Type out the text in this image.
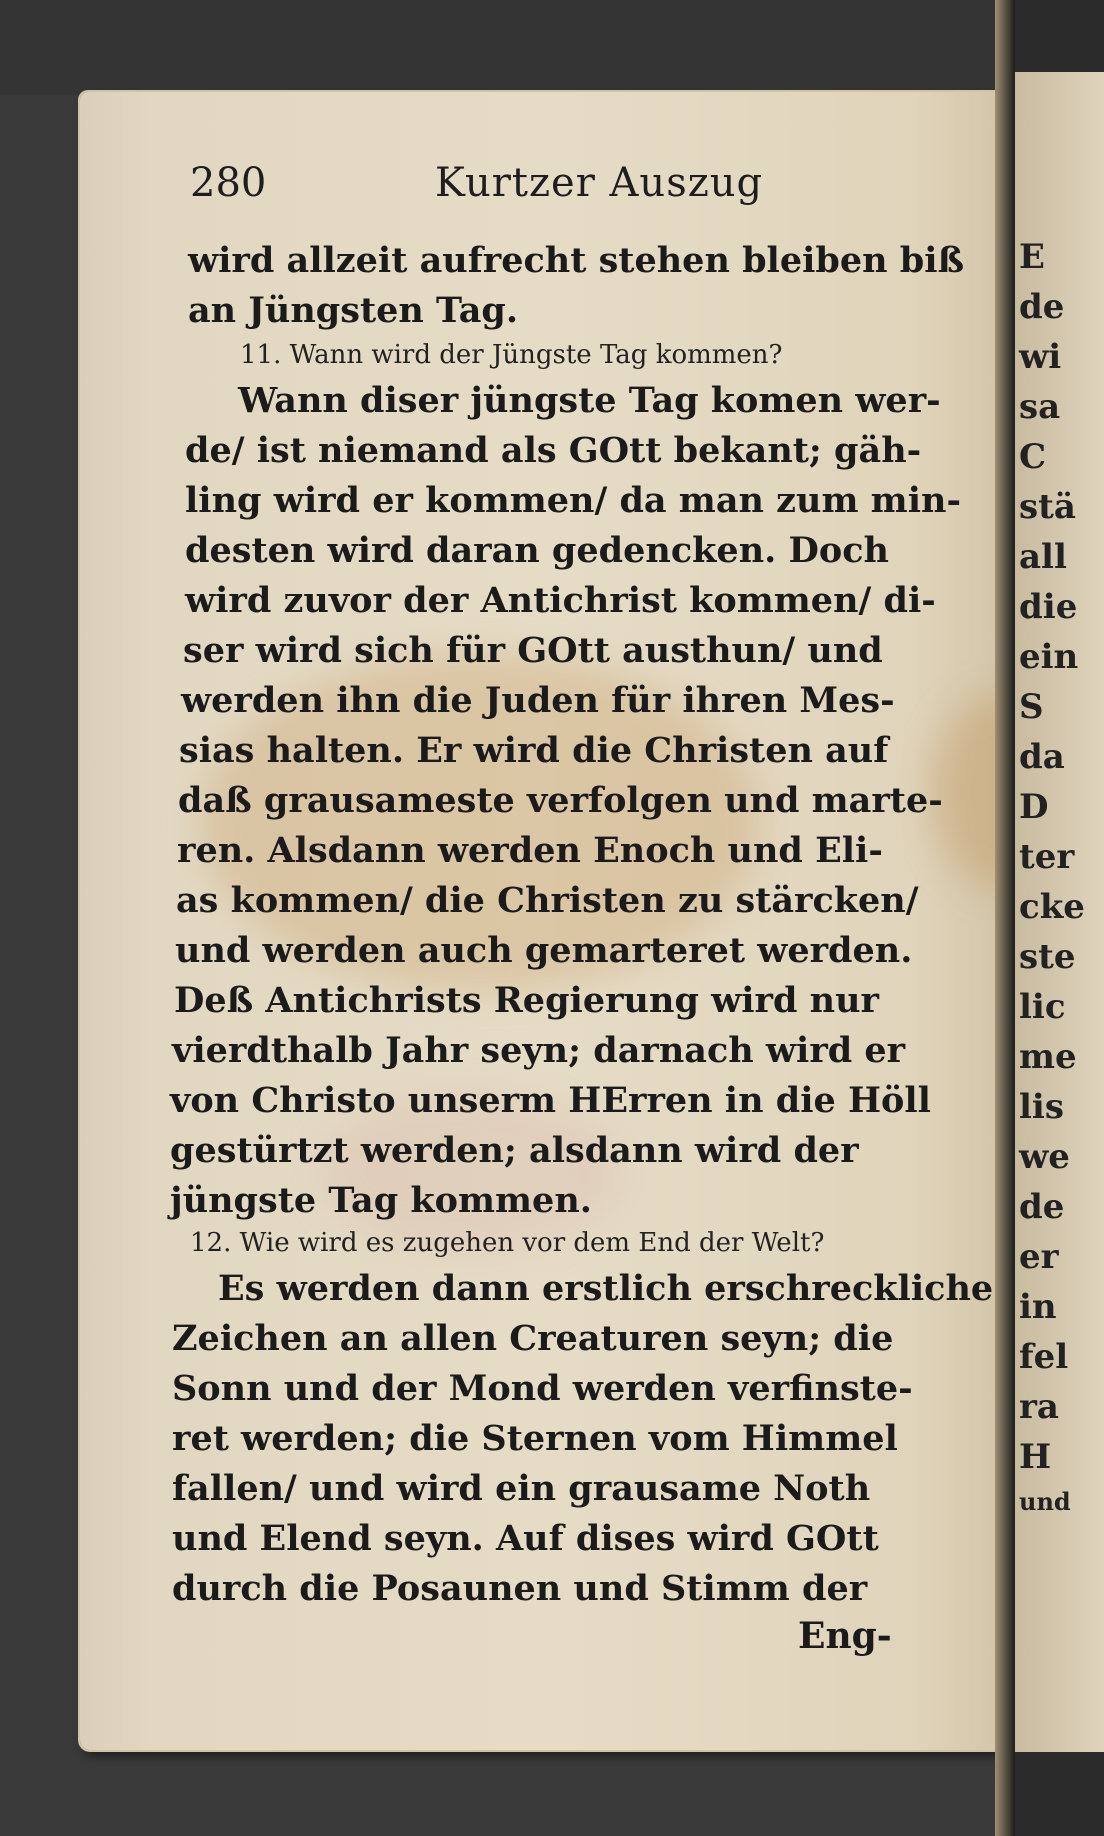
280	Kurtzer Auszug
wird allzeit aufrecht stehen bleiben biß
an Jüngsten Tag.
11. Wann wird der Jüngste Tag kommen?
Wann diser jüngste Tag komen wer-
de/ ist niemand als GOtt bekant; gäh-
ling wird er kommen/ da man zum min-
desten wird daran gedencken. Doch
wird zuvor der Antichrist kommen/ di-
ser wird sich für GOtt austhun/ und
werden ihn die Juden für ihren Mes-
sias halten. Er wird die Christen auf
daß grausameste verfolgen und marte-
ren. Alsdann werden Enoch und Eli-
as kommen/ die Christen zu stärcken/
und werden auch gemarteret werden.
Deß Antichrists Regierung wird nur
vierdthalb Jahr seyn; darnach wird er
von Christo unserm HErren in die Höll
gestürtzt werden; alsdann wird der
jüngste Tag kommen.
12. Wie wird es zugehen vor dem End der Welt?
Es werden dann erstlich erschreckliche
Zeichen an allen Creaturen seyn; die
Sonn und der Mond werden verfinste-
ret werden; die Sternen vom Himmel
fallen/ und wird ein grausame Noth
und Elend seyn. Auf dises wird GOtt
durch die Posaunen und Stimm der
Eng-
E
de
wi
sa
C
stä
all
die
ein
S
da
D
ter
cke
ste
lic
me
lis
we
de
er
in
fel
ra
H
und
